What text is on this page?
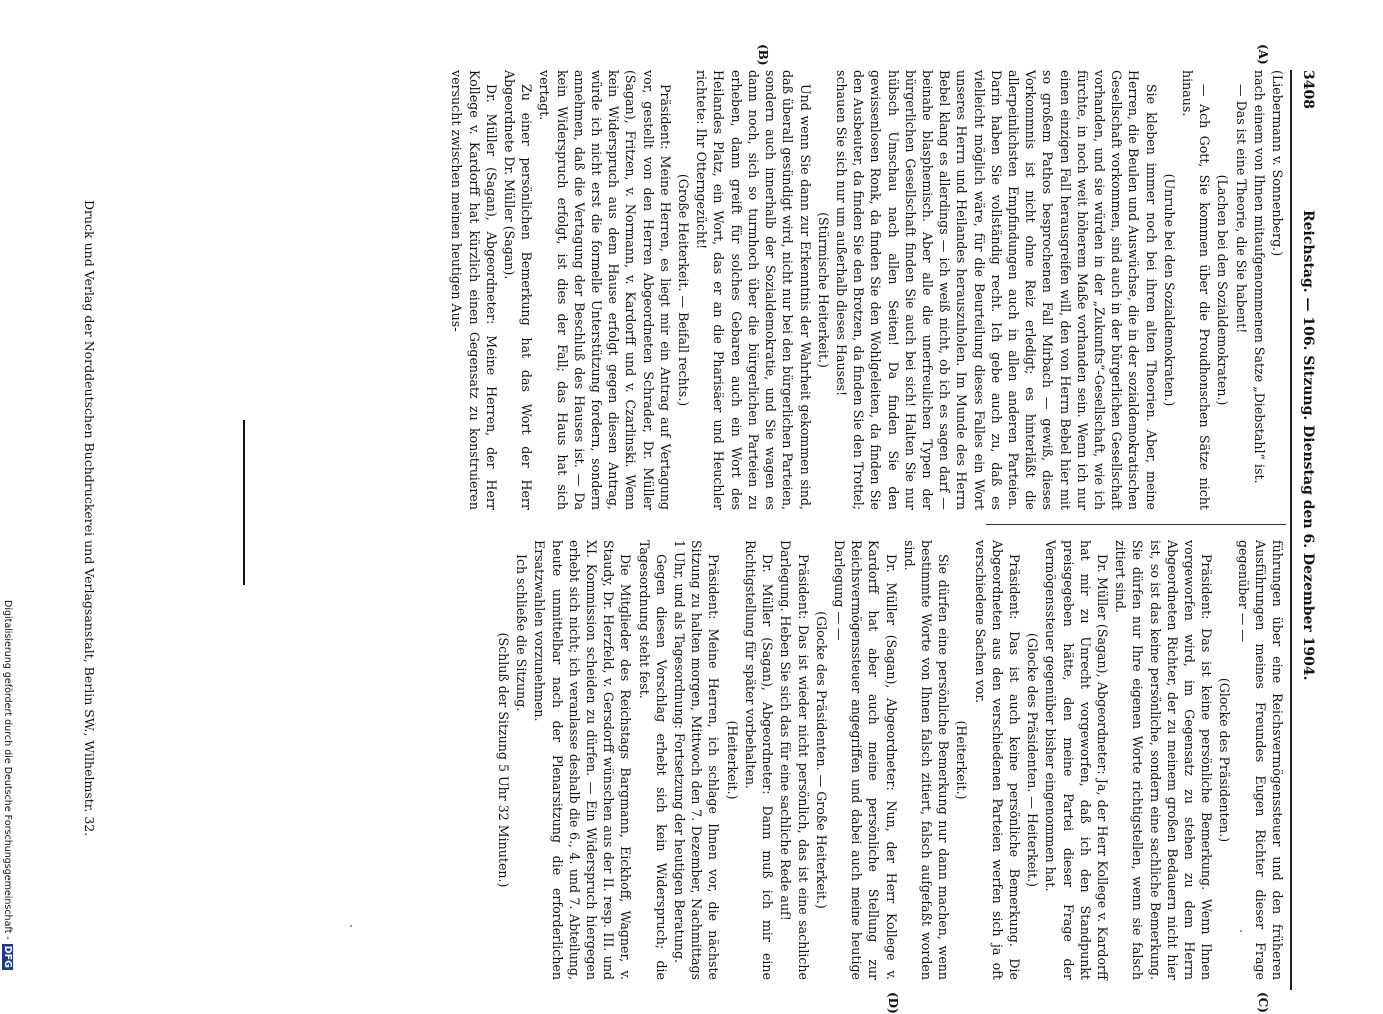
3408
Reichstag. — 106. Sitzung. Dienstag den 6. Dezember 1904.
(A)
(B)
(C)
(D)

(Liebermann v. Sonnenberg.)

nach einem von Ihnen mitaufgenommenen Satze „Diebstahl“ ist.

— Das ist eine Theorie, die Sie habent!

(Lachen bei den Sozialdemokraten.)

— Ach Gott, Sie kommen über die Proudhonschen Sätze nicht hinaus.

(Unruhe bei den Sozialdemokraten.)

Sie kleben immer noch bei ihren alten Theorien. Aber, meine Herren, die Beulen und Auswüchse, die in der sozialdemokratischen Gesellschaft vorkommen, sind auch in der bürgerlichen Gesellschaft vorhanden, und sie würden in der „Zukunfts“-Gesellschaft, wie ich fürchte, in noch weit höherem Maße vorhanden sein. Wenn ich nur einen einzigen Fall herausgreifen will, den von Herrn Bebel hier mit so großem Pathos besprochenen Fall Mirbach — gewiß, dieses Vorkommnis ist nicht ohne Reiz erledigt; es hinterläßt die allerpeinlichsten Empfindungen auch in allen anderen Parteien. Darin haben Sie vollständig recht. Ich gebe auch zu, daß es vielleicht möglich wäre, für die Beurteilung dieses Falles ein Wort unseres Herrn und Heilandes herauszuholen. Im Munde des Herrn Bebel klang es allerdings — ich weiß nicht, ob ich es sagen darf — beinahe blasphemisch. Aber alle die unerfreulichen Typen der bürgerlichen Gesellschaft finden Sie auch bei sich! Halten Sie nur hübsch Umschau nach allen Seiten! Da finden Sie den gewissenlosen Ronk, da finden Sie den Wohlgeleiten, da finden Sie den Ausbeuter, da finden Sie den Brotzen, da finden Sie den Trottel; schauen Sie sich nur um außerhalb dieses Hauses!

(Stürmische Heiterkeit.)

Und wenn Sie dann zur Erkenntnis der Wahrheit gekommen sind, daß überall gesündigt wird, nicht nur bei den bürgerlichen Parteien, sondern auch innerhalb der Sozialdemokratie, und Sie wagen es dann noch, sich so turmhoch über die bürgerlichen Parteien zu erheben, dann greift für solches Gebaren auch ein Wort des Heilandes Platz, ein Wort, das er an die Pharisäer und Heuchler richtete: Ihr Otterngezücht!

(Große Heiterkeit. — Beifall rechts.)

Präsident: Meine Herren, es liegt mir ein Antrag auf Vertagung vor, gestellt von den Herren Abgeordneten Schrader, Dr. Müller (Sagan), Fritzen, v. Normann, v. Kardorff und v. Czarlinski. Wenn kein Widerspruch aus dem Hause erfolgt gegen diesen Antrag, würde ich nicht erst die formelle Unterstützung fordern, sondern annehmen, daß die Vertagung der Beschluß des Hauses ist. — Da kein Widerspruch erfolgt, ist dies der Fall; das Haus hat sich vertagt.

Zu einer persönlichen Bemerkung hat das Wort der Herr Abgeordnete Dr. Müller (Sagan).

Dr. Müller (Sagan), Abgeordneter: Meine Herren, der Herr Kollege v. Kardorff hat kürzlich einen Gegensatz zu konstruieren versucht zwischen meinen heutigen Aus-

führungen über eine Reichsvermögenssteuer und den früheren Ausführungen meines Freundes Eugen Richter dieser Frage gegenüber — —

(Glocke des Präsidenten.)

Präsident: Das ist keine persönliche Bemerkung. Wenn Ihnen vorgeworfen wird, im Gegensatz zu stehen zu dem Herrn Abgeordneten Richter, der zu meinem großen Bedauern nicht hier ist, so ist das keine persönliche, sondern eine sachliche Bemerkung. Sie dürfen nur Ihre eigenen Worte richtigstellen, wenn sie falsch zitiert sind.

Dr. Müller (Sagan), Abgeordneter: Ja, der Herr Kollege v. Kardorff hat mir zu Unrecht vorgeworfen, daß ich den Standpunkt preisgegeben hätte, den meine Partei dieser Frage der Vermögenssteuer gegenüber bisher eingenommen hat.

(Glocke des Präsidenten. — Heiterkeit.)

Präsident: Das ist auch keine persönliche Bemerkung. Die Abgeordneten aus den verschiedenen Parteien werfen sich ja oft verschiedene Sachen vor.

(Heiterkeit.)

Sie dürfen eine persönliche Bemerkung nur dann machen, wenn bestimmte Worte von Ihnen falsch zitiert, falsch aufgefaßt worden sind.

Dr. Müller (Sagan), Abgeordneter: Nun, der Herr Kollege v. Kardorff hat aber auch meine persönliche Stellung zur Reichsvermögenssteuer angegriffen und dabei auch meine heutige Darlegung — —

(Glocke des Präsidenten. — Große Heiterkeit.)

Präsident: Das ist wieder nicht persönlich, das ist eine sachliche Darlegung. Heben Sie sich das für eine sachliche Rede auf!

Dr. Müller (Sagan), Abgeordneter: Dann muß ich mir eine Richtigstellung für später vorbehalten.

(Heiterkeit.)

Präsident: Meine Herren, ich schlage Ihnen vor, die nächste Sitzung zu halten morgen, Mittwoch den 7. Dezember, Nachmittags 1 Uhr, und als Tagesordnung: Fortsetzung der heutigen Beratung.

Gegen diesen Vorschlag erhebt sich kein Widerspruch; die Tagesordnung steht fest.

Die Mitglieder des Reichstags Bargmann, Eickhoff, Wagner, v. Staudy, Dr. Herzfeld, v. Gersdorff wünschen aus der II. resp. III. und XI. Kommission scheiden zu dürfen. — Ein Widerspruch hiergegen erhebt sich nicht; ich veranlasse deshalb die 6., 4. und 7. Abteilung, heute unmittelbar nach der Plenarsitzung die erforderlichen Ersatzwahlen vorzunehmen.

Ich schließe die Sitzung.

(Schluß der Sitzung 5 Uhr 32 Minuten.)

Druck und Verlag der Norddeutschen Buchdruckerei und Verlagsanstalt, Berlin SW., Wilhelmstr. 32.
Digitalisierung gefördert durch die Deutsche Forschungsgemeinschaft -DFG
